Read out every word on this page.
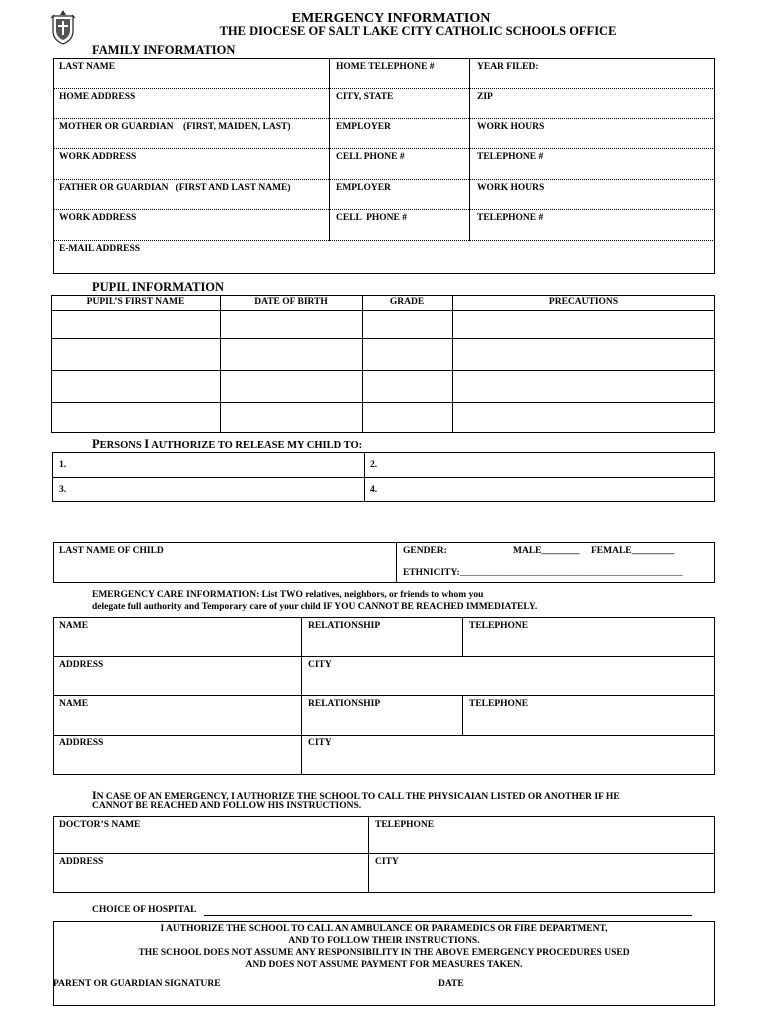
EMERGENCY INFORMATION
THE DIOCESE OF SALT LAKE CITY CATHOLIC SCHOOLS OFFICE
FAMILY INFORMATION
LAST NAME	HOME TELEPHONE #	YEAR FILED:
HOME ADDRESS	CITY, STATE	ZIP
MOTHER OR GUARDIAN    (FIRST, MAIDEN, LAST)	EMPLOYER	WORK HOURS
WORK ADDRESS	CELL PHONE #	TELEPHONE #
FATHER OR GUARDIAN   (FIRST AND LAST NAME)	EMPLOYER	WORK HOURS
WORK ADDRESS	CELL  PHONE #	TELEPHONE #
E-MAIL ADDRESS
PUPIL INFORMATION
PUPIL’S FIRST NAME	DATE OF BIRTH	GRADE	PRECAUTIONS
PERSONS I AUTHORIZE TO RELEASE MY CHILD TO:
1.	2.
3.	4.
LAST NAME OF CHILD	GENDER:	MALE________ FEMALE_________
ETHNICITY:_________________________________________________________
EMERGENCY CARE INFORMATION: List TWO relatives, neighbors, or friends to whom you
delegate full authority and Temporary care of your child IF YOU CANNOT BE REACHED IMMEDIATELY.
NAME	RELATIONSHIP	TELEPHONE
ADDRESS	CITY
NAME	RELATIONSHIP	TELEPHONE
ADDRESS	CITY
IN CASE OF AN EMERGENCY, I AUTHORIZE THE SCHOOL TO CALL THE PHYSICAIAN LISTED OR ANOTHER IF HE
CANNOT BE REACHED AND FOLLOW HIS INSTRUCTIONS.
DOCTOR’S NAME	TELEPHONE
ADDRESS	CITY
CHOICE OF HOSPITAL
I AUTHORIZE THE SCHOOL TO CALL AN AMBULANCE OR PARAMEDICS OR FIRE DEPARTMENT,
AND TO FOLLOW THEIR INSTRUCTIONS.
THE SCHOOL DOES NOT ASSUME ANY RESPONSIBILITY IN THE ABOVE EMERGENCY PROCEDURES USED
AND DOES NOT ASSUME PAYMENT FOR MEASURES TAKEN.
PARENT OR GUARDIAN SIGNATURE	DATE
